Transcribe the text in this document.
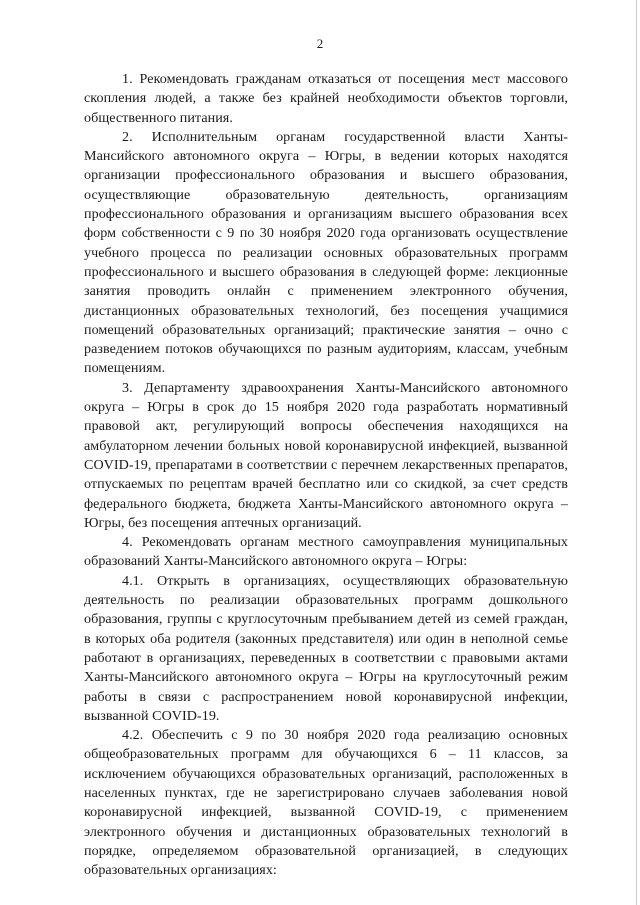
2

1. Рекомендовать гражданам отказаться от посещения мест массового скопления людей, а также без крайней необходимости объектов торговли, общественного питания.

2. Исполнительным органам государственной власти Ханты-Мансийского автономного округа – Югры, в ведении которых находятся организации профессионального образования и высшего образования, осуществляющие образовательную деятельность, организациям профессионального образования и организациям высшего образования всех форм собственности с 9 по 30 ноября 2020 года организовать осуществление учебного процесса по реализации основных образовательных программ профессионального и высшего образования в следующей форме: лекционные занятия проводить онлайн с применением электронного обучения, дистанционных образовательных технологий, без посещения учащимися помещений образовательных организаций; практические занятия – очно с разведением потоков обучающихся по разным аудиториям, классам, учебным помещениям.

3. Департаменту здравоохранения Ханты-Мансийского автономного округа – Югры в срок до 15 ноября 2020 года разработать нормативный правовой акт, регулирующий вопросы обеспечения находящихся на амбулаторном лечении больных новой коронавирусной инфекцией, вызванной COVID-19, препаратами в соответствии с перечнем лекарственных препаратов, отпускаемых по рецептам врачей бесплатно или со скидкой, за счет средств федерального бюджета, бюджета Ханты-Мансийского автономного округа – Югры, без посещения аптечных организаций.

4. Рекомендовать органам местного самоуправления муниципальных образований Ханты-Мансийского автономного округа – Югры:

4.1. Открыть в организациях, осуществляющих образовательную деятельность по реализации образовательных программ дошкольного образования, группы с круглосуточным пребыванием детей из семей граждан, в которых оба родителя (законных представителя) или один в неполной семье работают в организациях, переведенных в соответствии с правовыми актами Ханты-Мансийского автономного округа – Югры на круглосуточный режим работы в связи с распространением новой коронавирусной инфекции, вызванной COVID-19.

4.2. Обеспечить с 9 по 30 ноября 2020 года реализацию основных общеобразовательных программ для обучающихся 6 – 11 классов, за исключением обучающихся образовательных организаций, расположенных в населенных пунктах, где не зарегистрировано случаев заболевания новой коронавирусной инфекцией, вызванной COVID-19, с применением электронного обучения и дистанционных образовательных технологий в порядке, определяемом образовательной организацией, в следующих образовательных организациях:
